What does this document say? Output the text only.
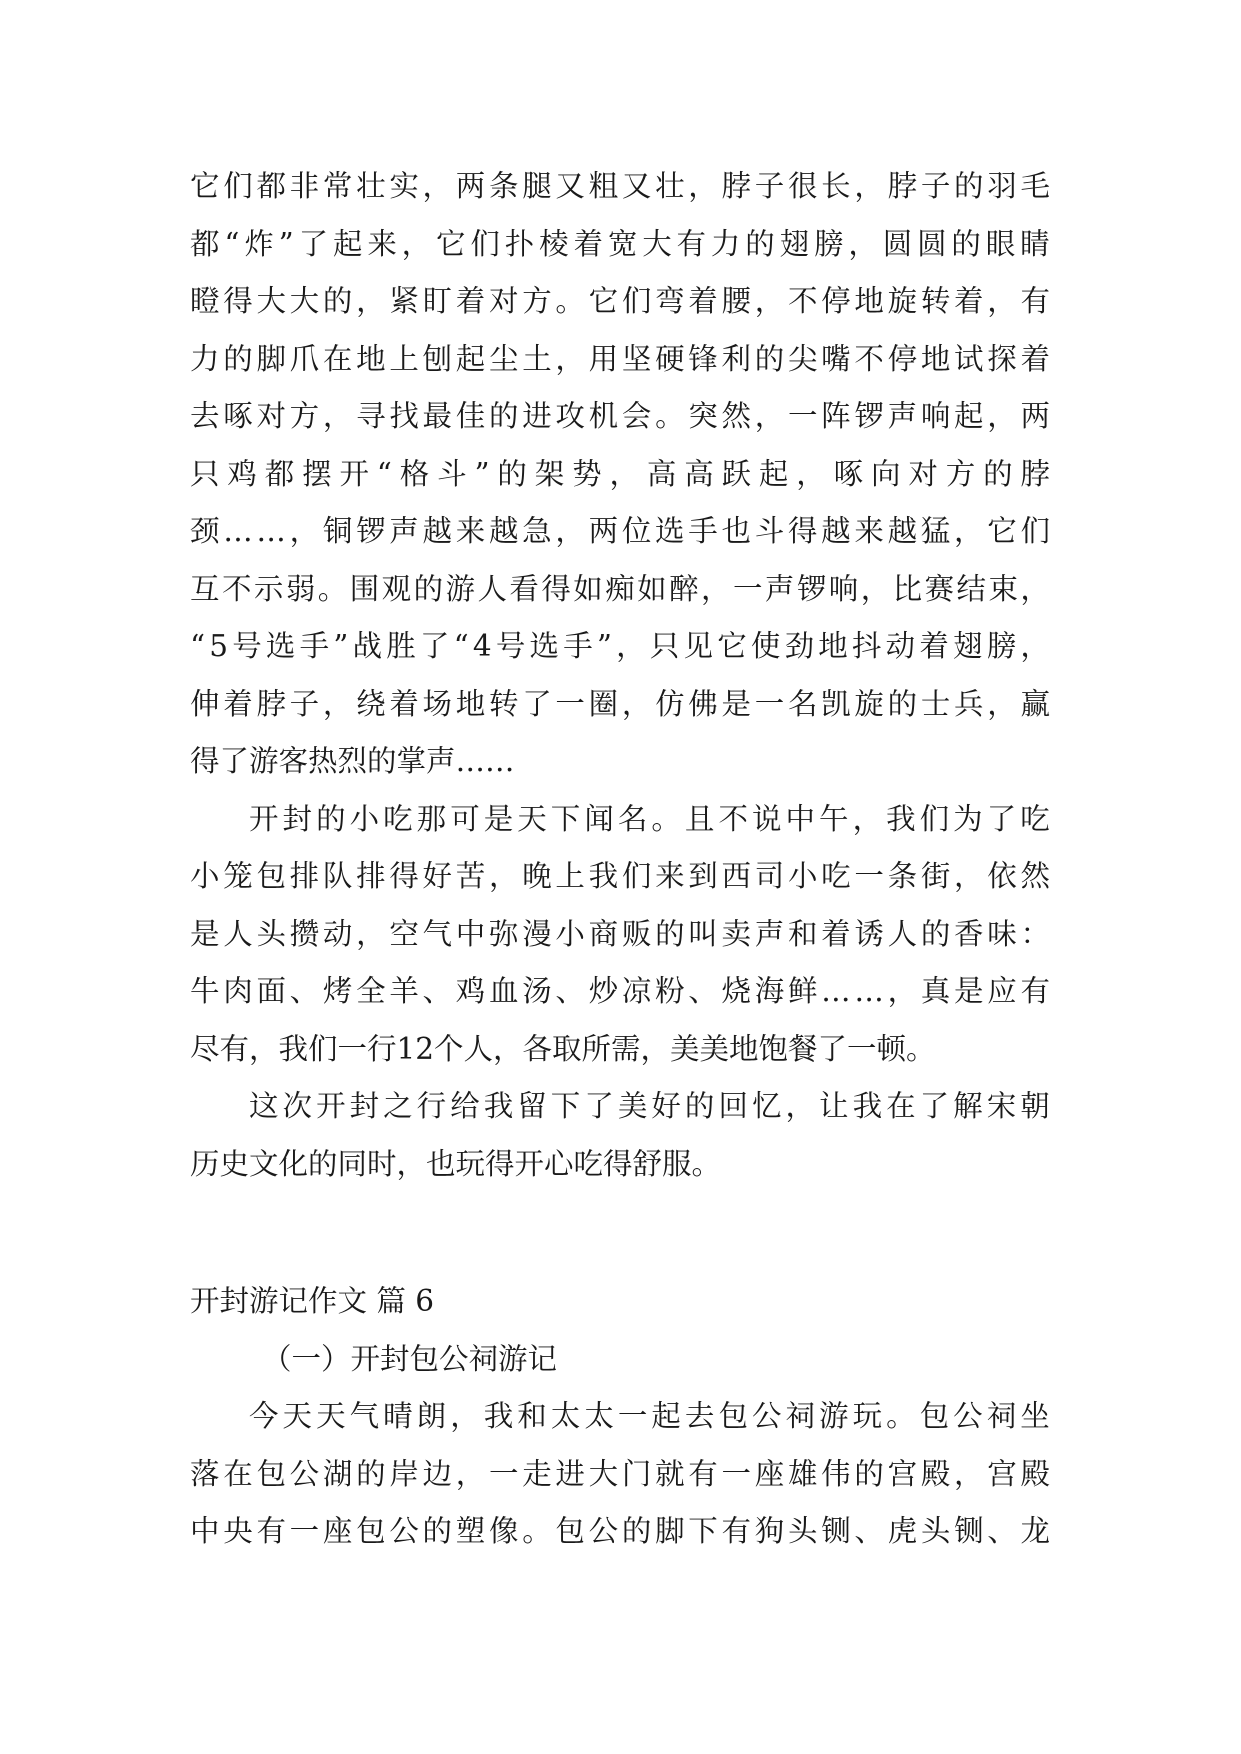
它 们 都 非 常 壮 实 ， 两 条 腿 又 粗 又 壮 ， 脖 子 很 长 ， 脖 子 的 羽 毛
都 “ 炸 ” 了 起 来 ， 它 们 扑 棱 着 宽 大 有 力 的 翅 膀 ， 圆 圆 的 眼 睛
瞪 得 大 大 的 ， 紧 盯 着 对 方 。 它 们 弯 着 腰 ， 不 停 地 旋 转 着 ， 有
力 的 脚 爪 在 地 上 刨 起 尘 土 ， 用 坚 硬 锋 利 的 尖 嘴 不 停 地 试 探 着
去 啄 对 方 ， 寻 找 最 佳 的 进 攻 机 会 。 突 然 ， 一 阵 锣 声 响 起 ， 两
只 鸡 都 摆 开 “ 格 斗 ” 的 架 势 ， 高 高 跃 起 ， 啄 向 对 方 的 脖
颈 … … ， 铜 锣 声 越 来 越 急 ， 两 位 选 手 也 斗 得 越 来 越 猛 ， 它 们
互 不 示 弱 。 围 观 的 游 人 看 得 如 痴 如 醉 ， 一 声 锣 响 ， 比 赛 结 束 ，
“ 5 号 选 手 ” 战 胜 了 “ 4 号 选 手 ” ， 只 见 它 使 劲 地 抖 动 着 翅 膀 ，
伸 着 脖 子 ， 绕 着 场 地 转 了 一 圈 ， 仿 佛 是 一 名 凯 旋 的 士 兵 ， 赢
得了游客热烈的掌声……
开 封 的 小 吃 那 可 是 天 下 闻 名 。 且 不 说 中 午 ， 我 们 为 了 吃
小 笼 包 排 队 排 得 好 苦 ， 晚 上 我 们 来 到 西 司 小 吃 一 条 街 ， 依 然
是 人 头 攒 动 ， 空 气 中 弥 漫 小 商 贩 的 叫 卖 声 和 着 诱 人 的 香 味 ：
牛 肉 面 、 烤 全 羊 、 鸡 血 汤 、 炒 凉 粉 、 烧 海 鲜 … … ， 真 是 应 有
尽有，我们一行12个人，各取所需，美美地饱餐了一顿。
这 次 开 封 之 行 给 我 留 下 了 美 好 的 回 忆 ， 让 我 在 了 解 宋 朝
历史文化的同时，也玩得开心吃得舒服。
开封游记作文 篇 6
（一）开封包公祠游记
今 天 天 气 晴 朗 ， 我 和 太 太 一 起 去 包 公 祠 游 玩 。 包 公 祠 坐
落 在 包 公 湖 的 岸 边 ， 一 走 进 大 门 就 有 一 座 雄 伟 的 宫 殿 ， 宫 殿
中 央 有 一 座 包 公 的 塑 像 。 包 公 的 脚 下 有 狗 头 铡 、 虎 头 铡 、 龙
